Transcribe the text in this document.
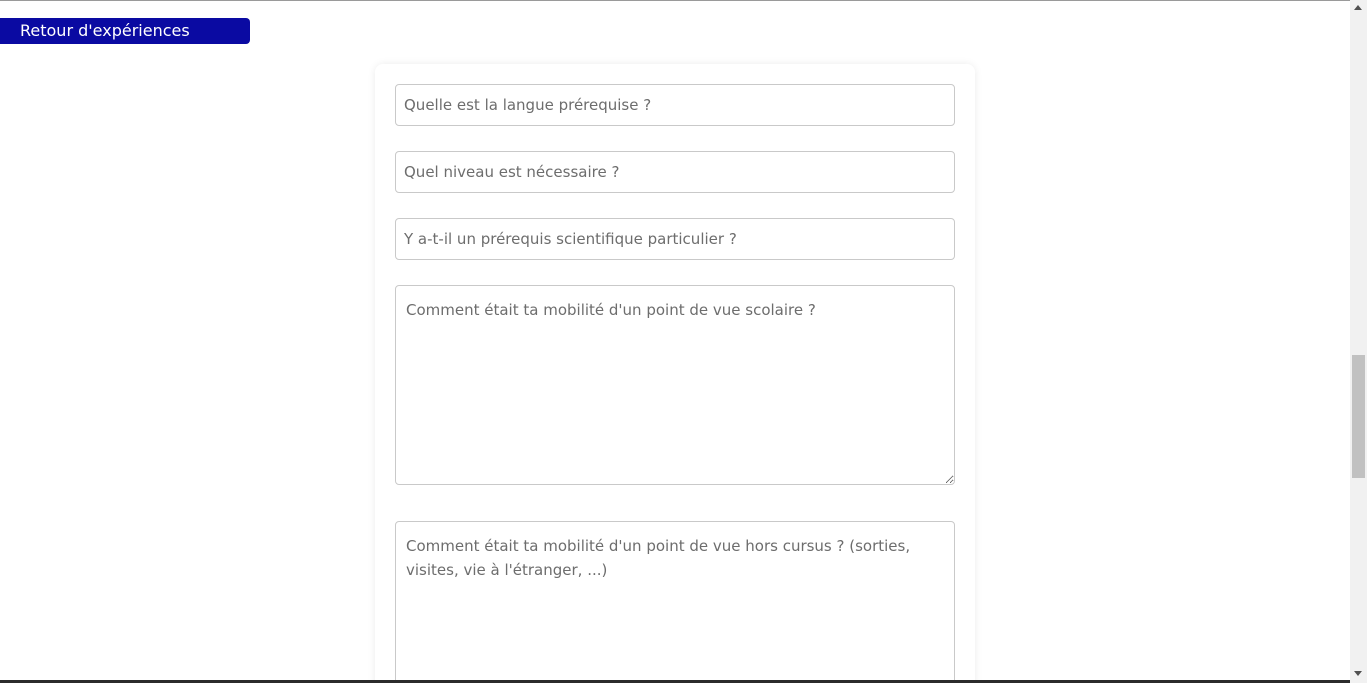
Retour d'expériences
Quelle est la langue prérequise ?
Quel niveau est nécessaire ?
Y a-t-il un prérequis scientifique particulier ?
Comment était ta mobilité d'un point de vue scolaire ?
Comment était ta mobilité d'un point de vue hors cursus ? (sorties, visites, vie à l'étranger, ...)
